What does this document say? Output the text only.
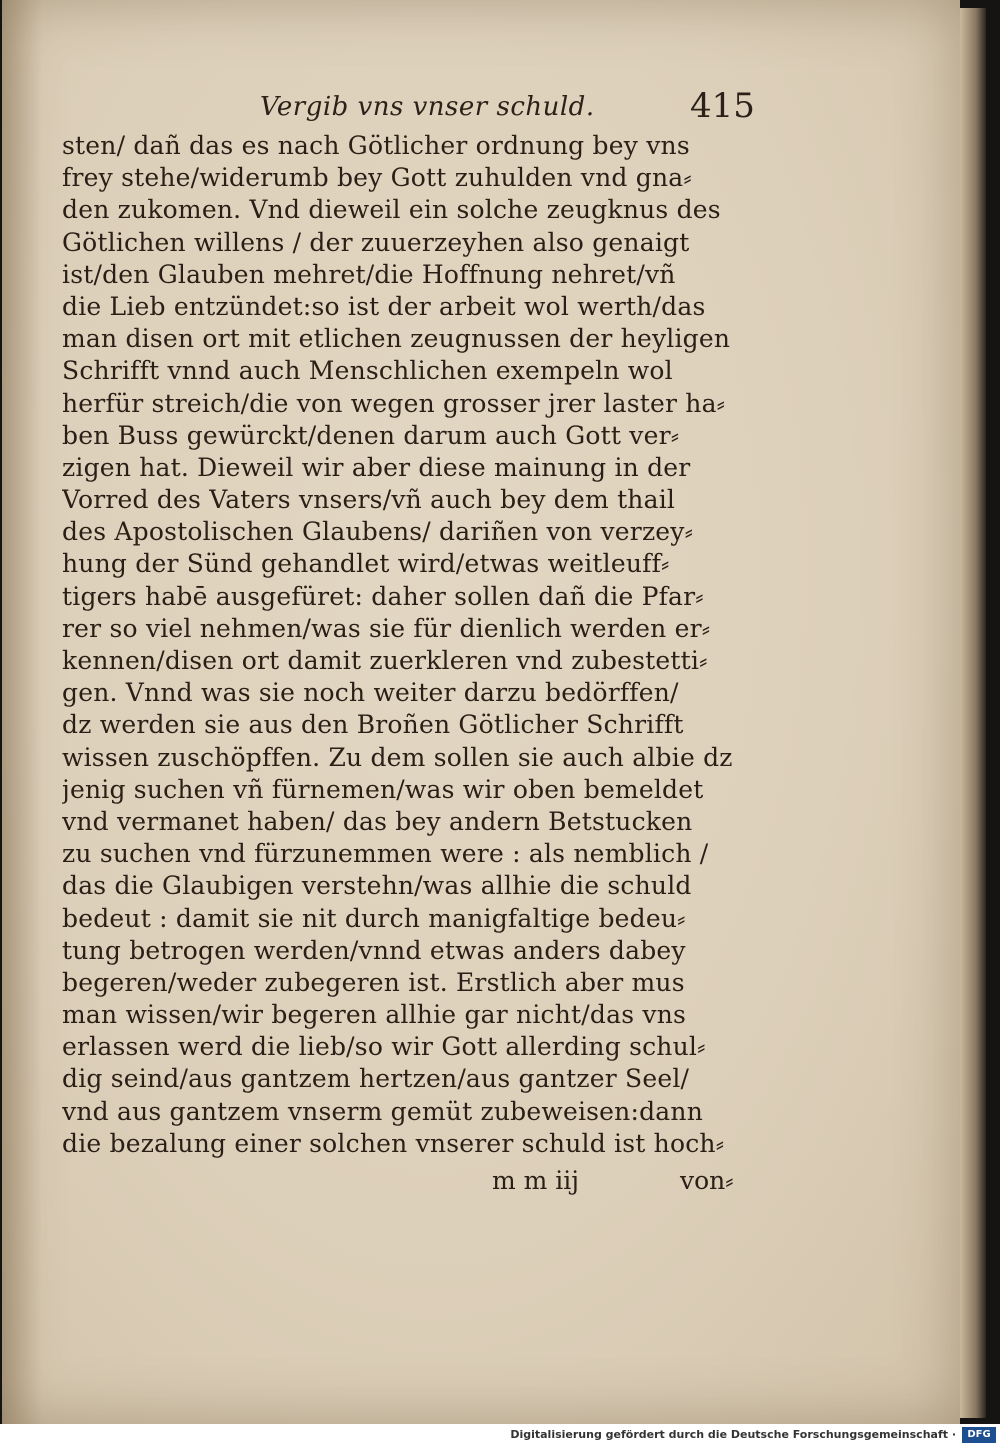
Vergib vns vnser schuld.	415
sten/ dañ das es nach Götlicher ordnung bey vns
frey stehe/widerumb bey Gott zuhulden vnd gna⸗
den zukomen. Vnd dieweil ein solche zeugknus des
Götlichen willens / der zuuerzeyhen also genaigt
ist/den Glauben mehret/die Hoffnung nehret/vñ
die Lieb entzündet:so ist der arbeit wol werth/das
man disen ort mit etlichen zeugnussen der heyligen
Schrifft vnnd auch Menschlichen exempeln wol
herfür streich/die von wegen grosser jrer laster ha⸗
ben Buss gewürckt/denen darum auch Gott ver⸗
zigen hat. Dieweil wir aber diese mainung in der
Vorred des Vaters vnsers/vñ auch bey dem thail
des Apostolischen Glaubens/ dariñen von verzey⸗
hung der Sünd gehandlet wird/etwas weitleuff⸗
tigers habē ausgefüret: daher sollen dañ die Pfar⸗
rer so viel nehmen/was sie für dienlich werden er⸗
kennen/disen ort damit zuerkleren vnd zubestetti⸗
gen. Vnnd was sie noch weiter darzu bedörffen/
dz werden sie aus den Broñen Götlicher Schrifft
wissen zuschöpffen. Zu dem sollen sie auch albie dz
jenig suchen vñ fürnemen/was wir oben bemeldet
vnd vermanet haben/ das bey andern Betstucken
zu suchen vnd fürzunemmen were : als nemblich /
das die Glaubigen verstehn/was allhie die schuld
bedeut : damit sie nit durch manigfaltige bedeu⸗
tung betrogen werden/vnnd etwas anders dabey
begeren/weder zubegeren ist. Erstlich aber mus
man wissen/wir begeren allhie gar nicht/das vns
erlassen werd die lieb/so wir Gott allerding schul⸗
dig seind/aus gantzem hertzen/aus gantzer Seel/
vnd aus gantzem vnserm gemüt zubeweisen:dann
die bezalung einer solchen vnserer schuld ist hoch⸗
m m iij	von⸗
Digitalisierung gefördert durch die Deutsche Forschungsgemeinschaft ·	DFG
